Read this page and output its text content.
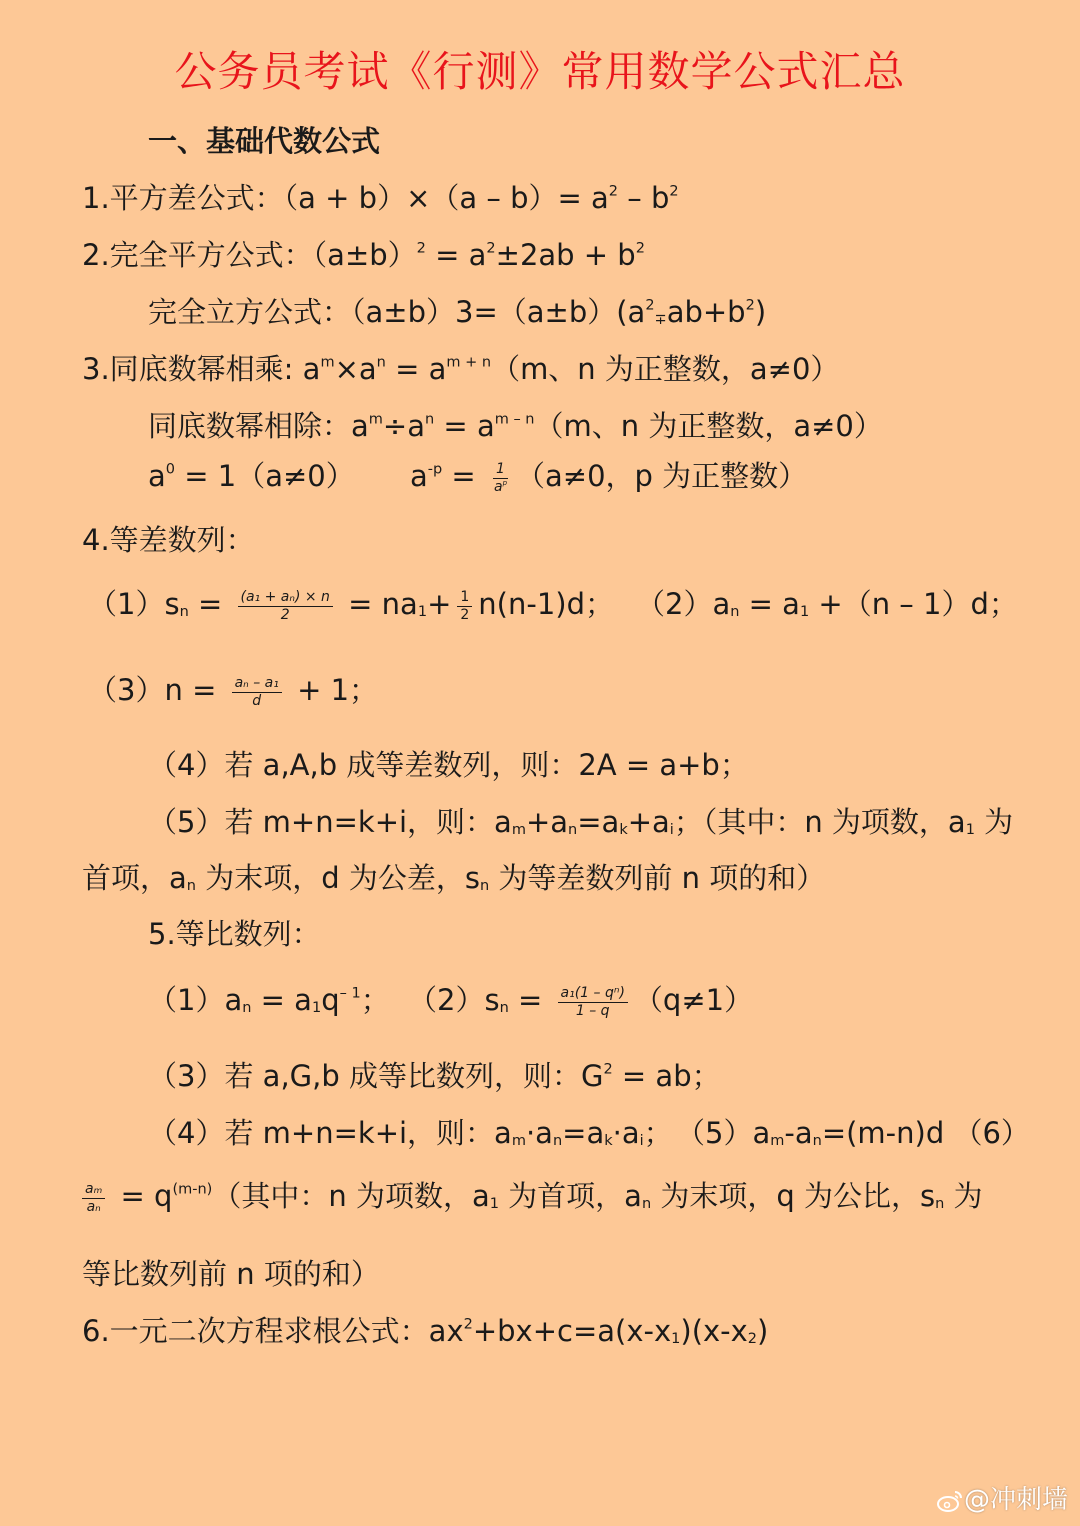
公务员考试《行测》常用数学公式汇总
一、基础代数公式
1.平方差公式：$(a + b)\times(a - b)= a^2 - b^2$
2.完全平方公式：$(a\pm b)^2 = a^2\pm 2ab + b^2$
完全立方公式：$(a\pm b)3=(a\pm b)(a^2_\mp ab+b^2)$
3.同底数幂相乘: $a^m\times a^n = a^{m + n}(m$、n 为正整数，a≠0）
同底数幂相除：$a^m\div a^n = a^{m - n}(m$、n 为正整数，a≠0）
$a^0 = 1(a\ne 0) a^{-p} = \frac{1}{a^p} (a\ne 0$，p 为正整数）
4.等差数列：
$(1)s_n = \frac{\text{(a₁ + aₙ) × n}}{2} = na_1+ \frac{1}{2} n(n-1)d$； $(2)a_n = a_1 +(n - 1)d$；
$(3)n = \frac{\text{aₙ – a₁}}{d} + 1$；
（4）若 a,A,b 成等差数列，则：2A = a+b；
（5）若 m+n=k+i，则：$a_m+a_n=a_k+a_i$；（其中：n 为项数，$a_1$ 为
首项，$a_n$ 为末项，d 为公差，$s_n$ 为等差数列前 n 项的和）
5.等比数列：
$(1)a_n = a_1q^{- 1}$； $(2)s_n = \frac{\text{a₁(1 – qⁿ)}}{1 - q} (q\ne 1)$
（3）若 a,G,b 成等比数列，则：$G^2$ = ab；
（4）若 m+n=k+i，则：$a_m\cdot a_n=a_k\cdot a_i$； $(5)a_m-a_n=(m-n)d$ （6）
$\frac{\text{aₘ}}{\text{aₙ}} = q^{(m-n)}$（其中：n 为项数，$a_1$ 为首项，$a_n$ 为末项，q 为公比，$s_n$ 为
等比数列前 n 项的和）
6.一元二次方程求根公式：$ax^2+bx+c=a(x-x_1)(x-x_2)$
@冲刺墙
